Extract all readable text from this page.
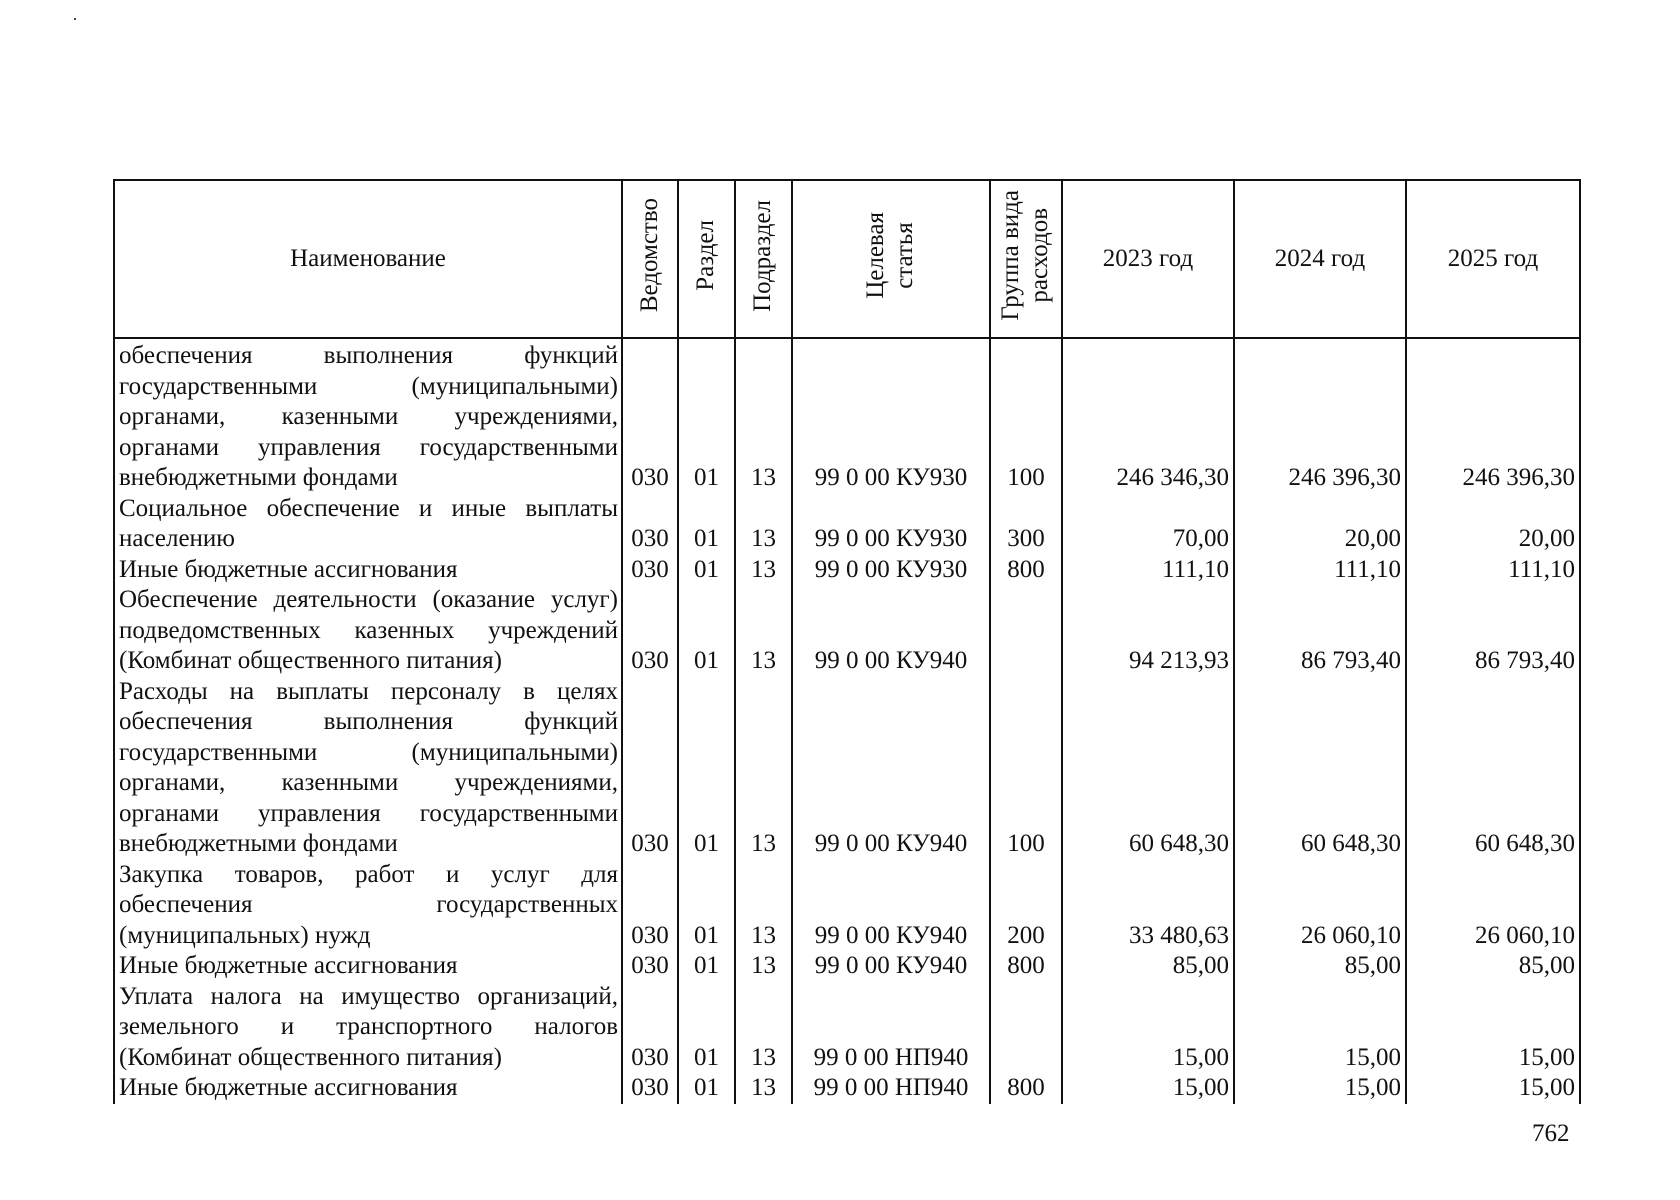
Наименование	Ведомство	Раздел	Подраздел	Целевая статья	Группа вида расходов	2023 год	2024 год	2025 год
обеспечения выполнения функций государственными (муниципальными) органами, казенными учреждениями, органами управления государственными внебюджетными фондами	030	01	13	99 0 00 КУ930	100	246 346,30	246 396,30	246 396,30
Социальное обеспечение и иные выплаты населению	030	01	13	99 0 00 КУ930	300	70,00	20,00	20,00
Иные бюджетные ассигнования	030	01	13	99 0 00 КУ930	800	111,10	111,10	111,10
Обеспечение деятельности (оказание услуг) подведомственных казенных учреждений (Комбинат общественного питания)	030	01	13	99 0 00 КУ940		94 213,93	86 793,40	86 793,40
Расходы на выплаты персоналу в целях обеспечения выполнения функций государственными (муниципальными) органами, казенными учреждениями, органами управления государственными внебюджетными фондами	030	01	13	99 0 00 КУ940	100	60 648,30	60 648,30	60 648,30
Закупка товаров, работ и услуг для обеспечения государственных (муниципальных) нужд	030	01	13	99 0 00 КУ940	200	33 480,63	26 060,10	26 060,10
Иные бюджетные ассигнования	030	01	13	99 0 00 КУ940	800	85,00	85,00	85,00
Уплата налога на имущество организаций, земельного и транспортного налогов (Комбинат общественного питания)	030	01	13	99 0 00 НП940		15,00	15,00	15,00
Иные бюджетные ассигнования	030	01	13	99 0 00 НП940	800	15,00	15,00	15,00
762
